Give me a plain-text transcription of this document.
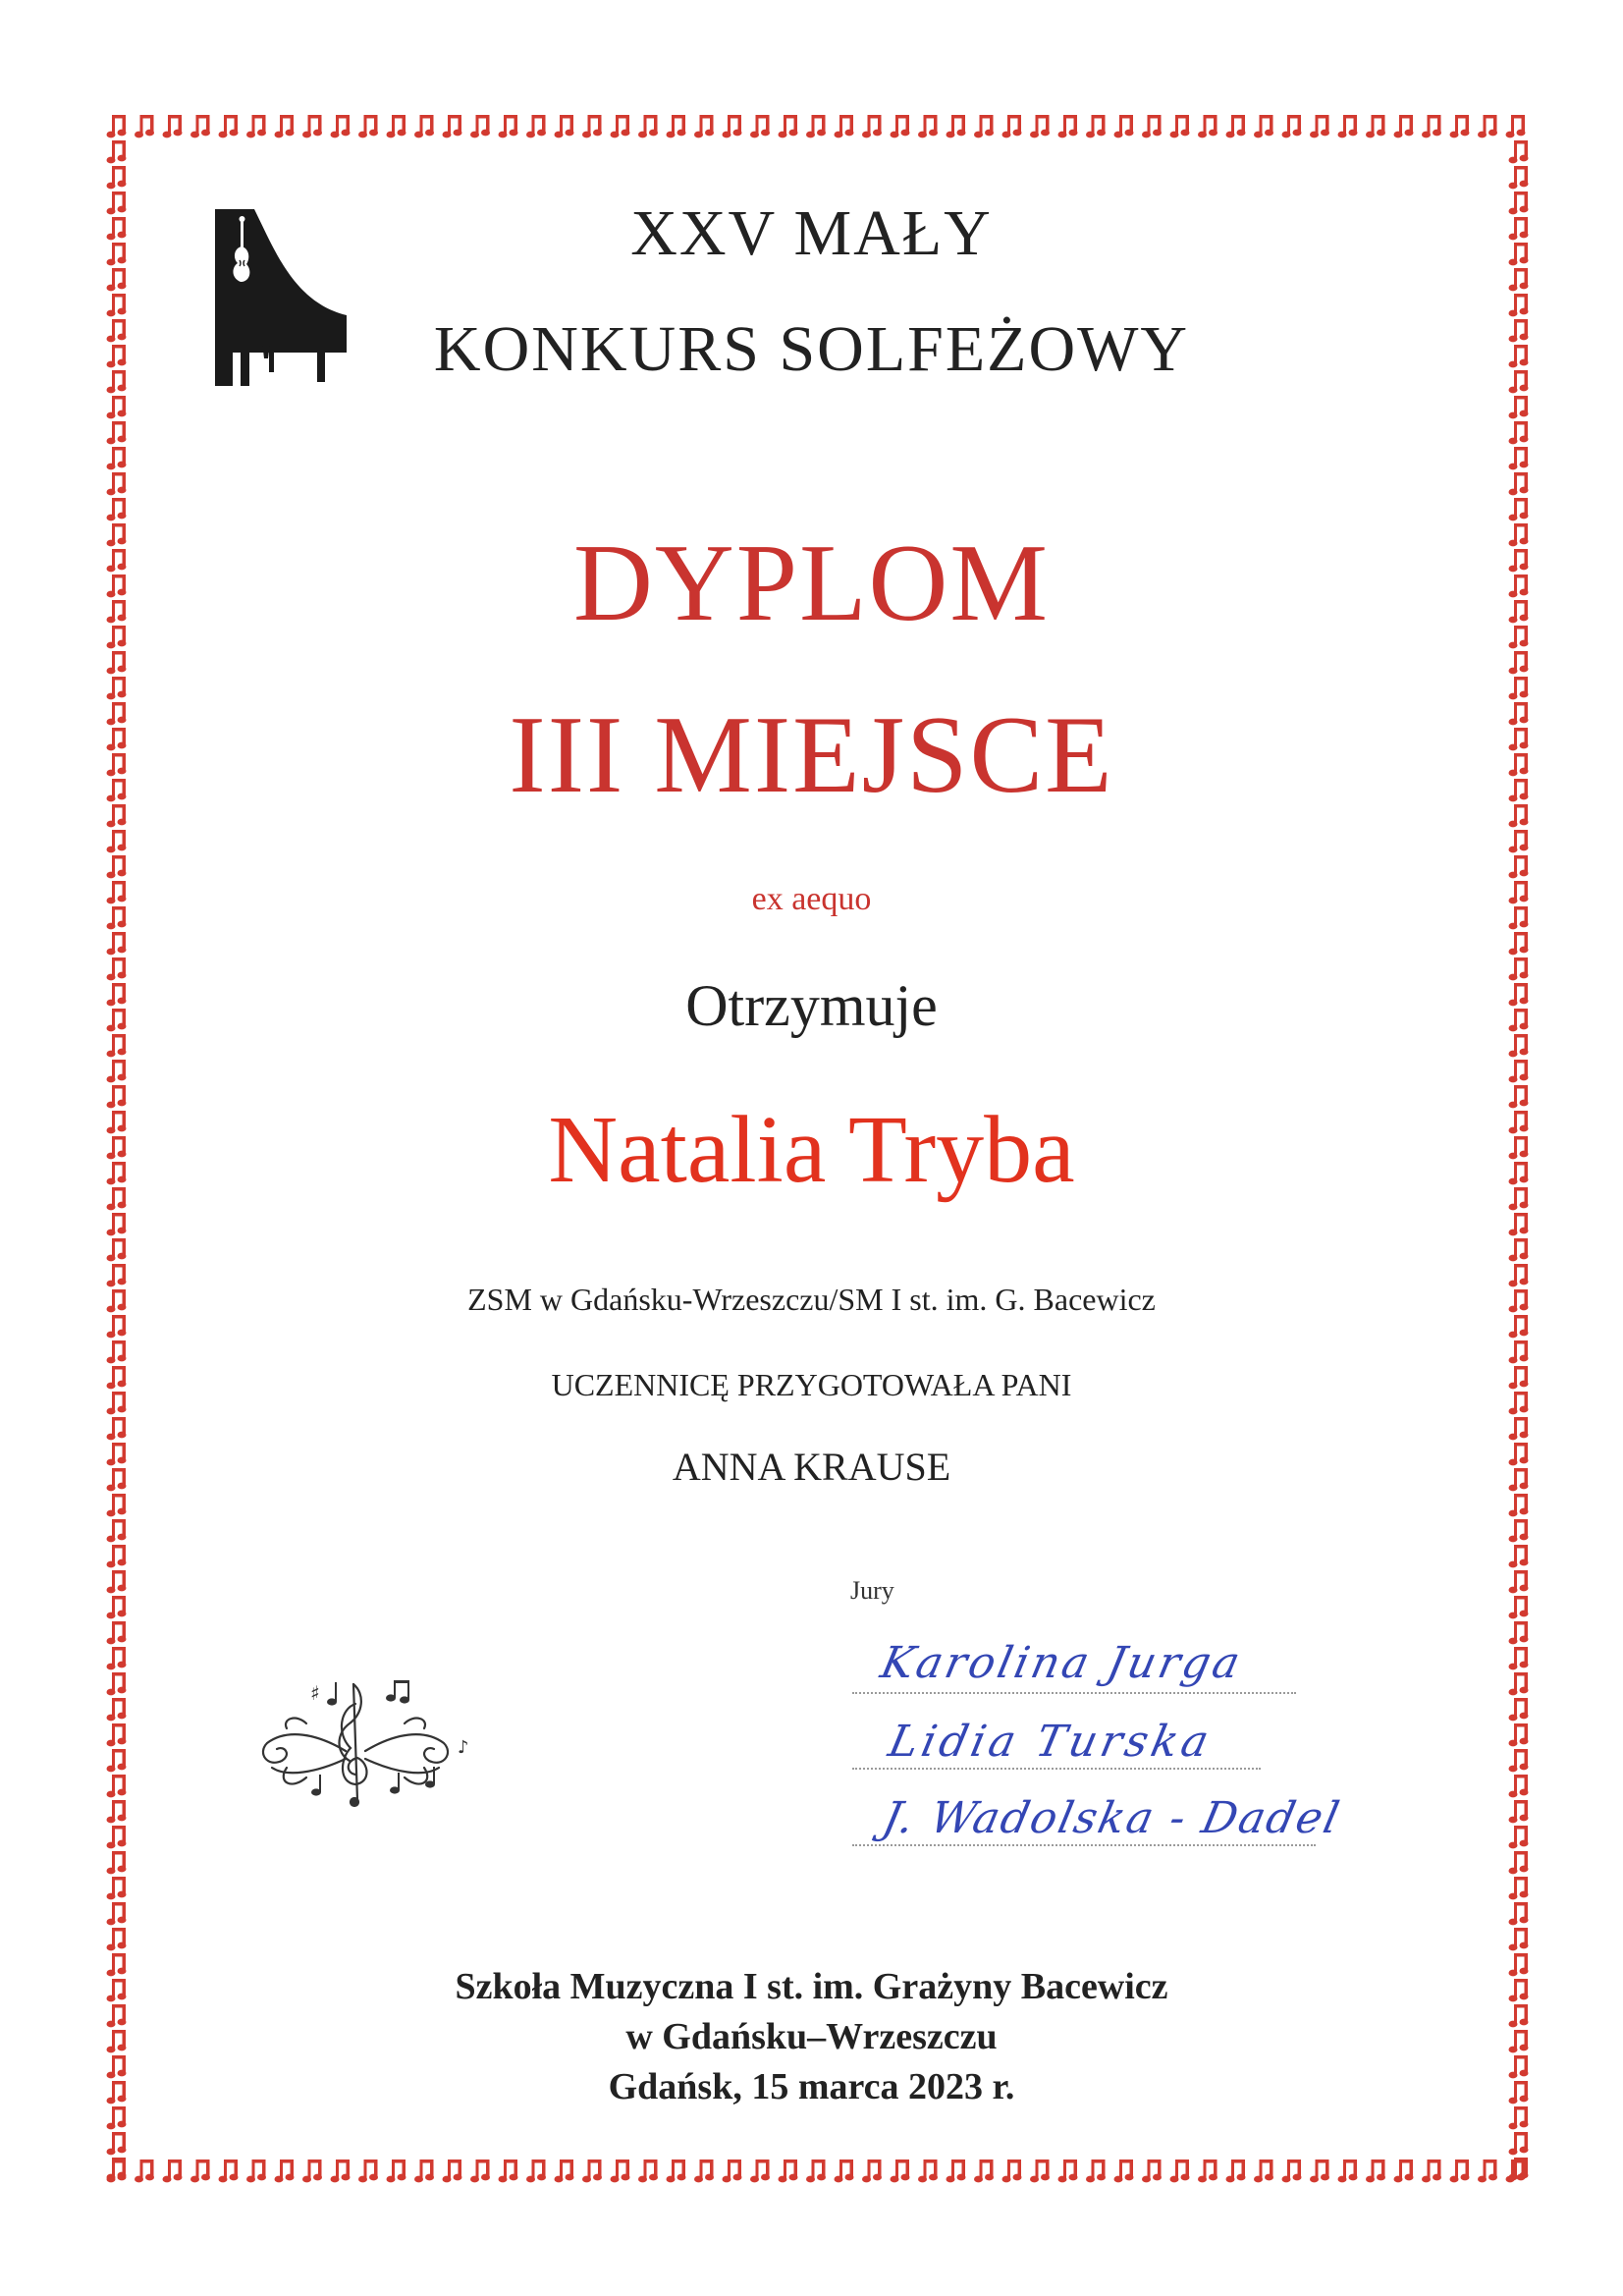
XXV MAŁY
KONKURS SOLFEŻOWY
DYPLOM
III MIEJSCE
ex aequo
Otrzymuje
Natalia Tryba
ZSM w Gdańsku-Wrzeszczu/SM I st. im. G. Bacewicz
UCZENNICĘ PRZYGOTOWAŁA PANI
ANNA KRAUSE
Jury
Karolina Jurga
Lidia Turska
J. Wadolska - Dadel
♯
♪
Szkoła Muzyczna I st. im. Grażyny Bacewicz
w Gdańsku–Wrzeszczu
Gdańsk, 15 marca 2023 r.
